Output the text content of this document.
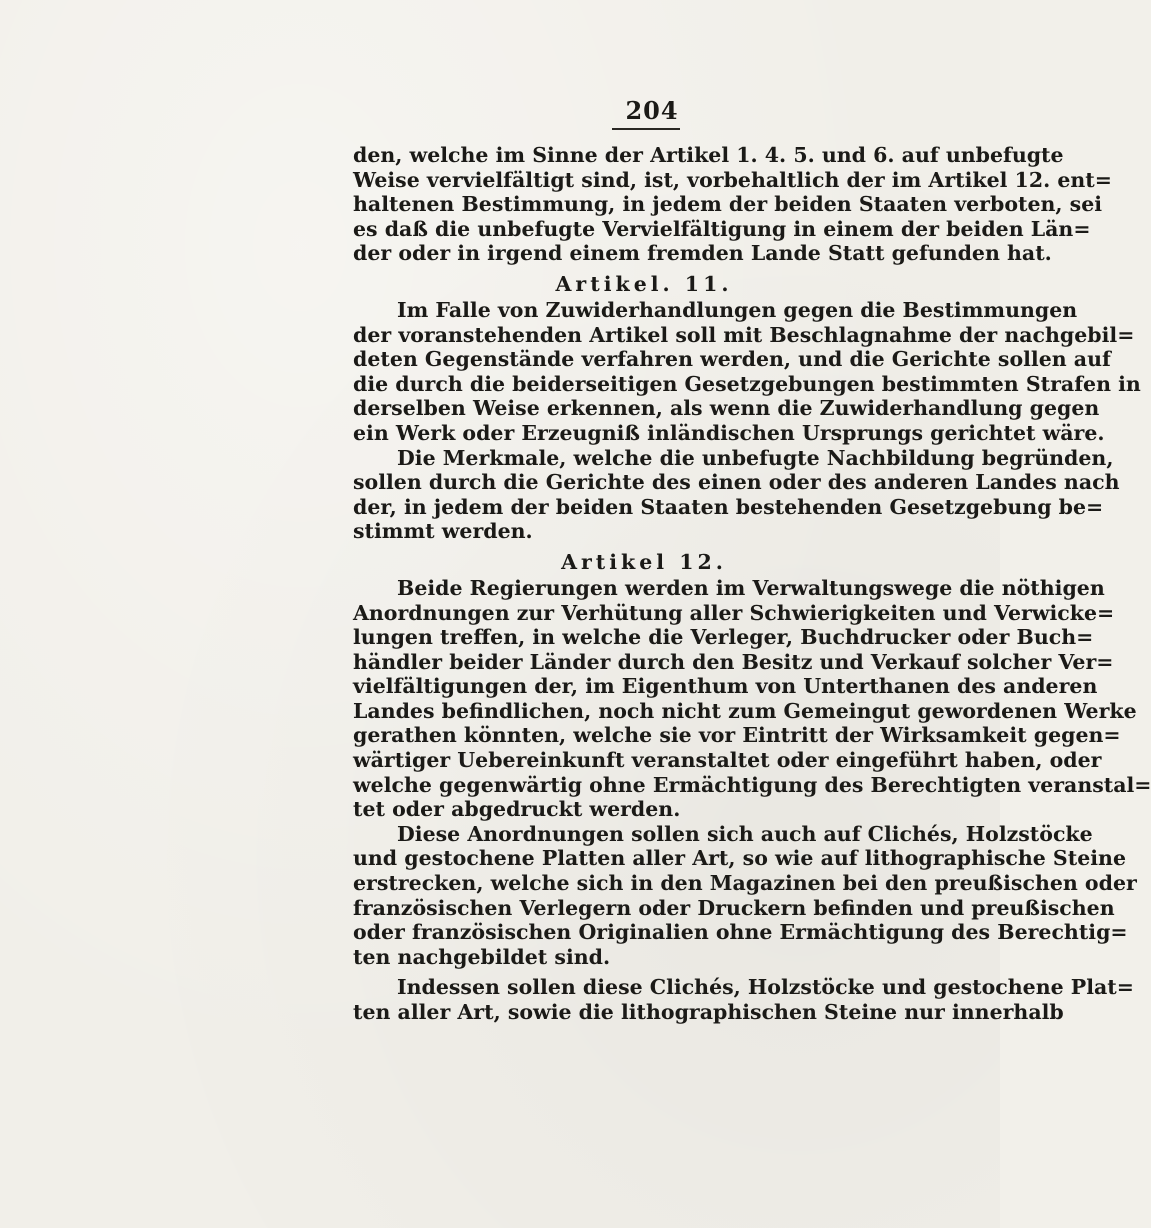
204
den, welche im Sinne der Artikel 1. 4. 5. und 6. auf unbefugte
Weise vervielfältigt sind, ist, vorbehaltlich der im Artikel 12. ent=
haltenen Bestimmung, in jedem der beiden Staaten verboten, sei
es daß die unbefugte Vervielfältigung in einem der beiden Län=
der oder in irgend einem fremden Lande Statt gefunden hat.
Artikel. 11.
Im Falle von Zuwiderhandlungen gegen die Bestimmungen
der voranstehenden Artikel soll mit Beschlagnahme der nachgebil=
deten Gegenstände verfahren werden, und die Gerichte sollen auf
die durch die beiderseitigen Gesetzgebungen bestimmten Strafen in
derselben Weise erkennen, als wenn die Zuwiderhandlung gegen
ein Werk oder Erzeugniß inländischen Ursprungs gerichtet wäre.
Die Merkmale, welche die unbefugte Nachbildung begründen,
sollen durch die Gerichte des einen oder des anderen Landes nach
der, in jedem der beiden Staaten bestehenden Gesetzgebung be=
stimmt werden.
Artikel 12.
Beide Regierungen werden im Verwaltungswege die nöthigen
Anordnungen zur Verhütung aller Schwierigkeiten und Verwicke=
lungen treffen, in welche die Verleger, Buchdrucker oder Buch=
händler beider Länder durch den Besitz und Verkauf solcher Ver=
vielfältigungen der, im Eigenthum von Unterthanen des anderen
Landes befindlichen, noch nicht zum Gemeingut gewordenen Werke
gerathen könnten, welche sie vor Eintritt der Wirksamkeit gegen=
wärtiger Uebereinkunft veranstaltet oder eingeführt haben, oder
welche gegenwärtig ohne Ermächtigung des Berechtigten veranstal=
tet oder abgedruckt werden.
Diese Anordnungen sollen sich auch auf Clichés, Holzstöcke
und gestochene Platten aller Art, so wie auf lithographische Steine
erstrecken, welche sich in den Magazinen bei den preußischen oder
französischen Verlegern oder Druckern befinden und preußischen
oder französischen Originalien ohne Ermächtigung des Berechtig=
ten nachgebildet sind.
Indessen sollen diese Clichés, Holzstöcke und gestochene Plat=
ten aller Art, sowie die lithographischen Steine nur innerhalb
